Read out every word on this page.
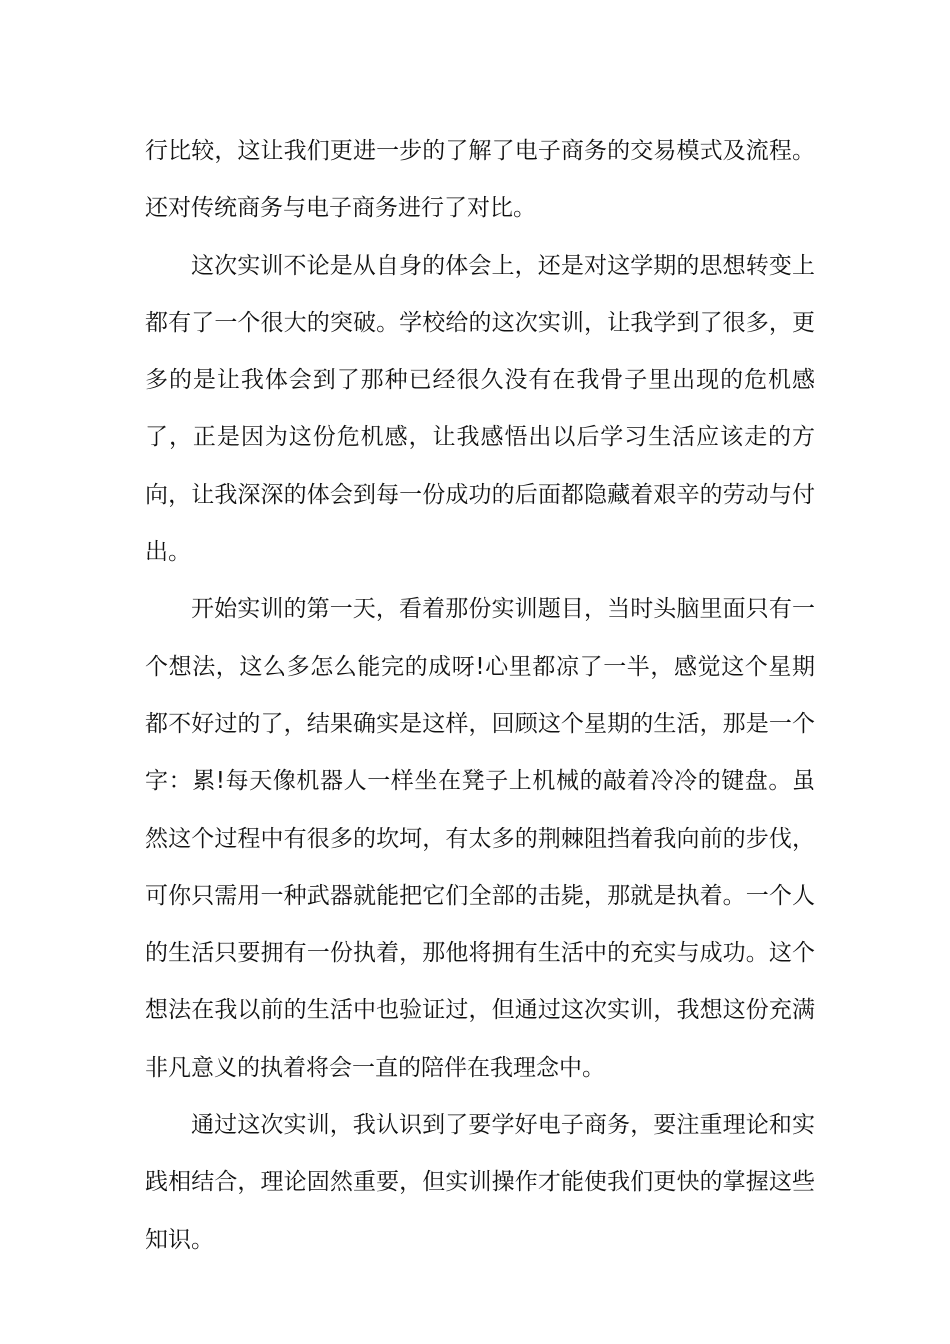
行比较，这让我们更进一步的了解了电子商务的交易模式及流程。还对传统商务与电子商务进行了对比。

这次实训不论是从自身的体会上，还是对这学期的思想转变上都有了一个很大的突破。学校给的这次实训，让我学到了很多，更多的是让我体会到了那种已经很久没有在我骨子里出现的危机感了，正是因为这份危机感，让我感悟出以后学习生活应该走的方向，让我深深的体会到每一份成功的后面都隐藏着艰辛的劳动与付出。

开始实训的第一天，看着那份实训题目，当时头脑里面只有一个想法，这么多怎么能完的成呀!心里都凉了一半，感觉这个星期都不好过的了，结果确实是这样，回顾这个星期的生活，那是一个字：累!每天像机器人一样坐在凳子上机械的敲着冷冷的键盘。虽然这个过程中有很多的坎坷，有太多的荆棘阻挡着我向前的步伐，可你只需用一种武器就能把它们全部的击毙，那就是执着。一个人的生活只要拥有一份执着，那他将拥有生活中的充实与成功。这个想法在我以前的生活中也验证过，但通过这次实训，我想这份充满非凡意义的执着将会一直的陪伴在我理念中。

通过这次实训，我认识到了要学好电子商务，要注重理论和实践相结合，理论固然重要，但实训操作才能使我们更快的掌握这些知识。
